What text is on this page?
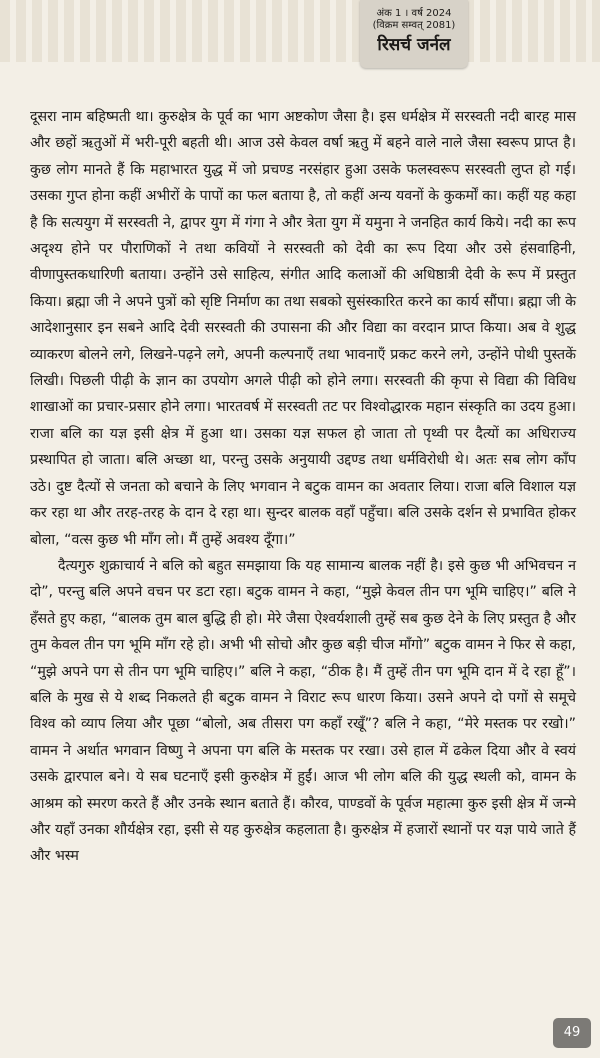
अंक 1 । वर्ष 2024
(विक्रम सम्वत् 2081)
रिसर्च जर्नल

दूसरा नाम बहिष्मती था। कुरुक्षेत्र के पूर्व का भाग अष्टकोण जैसा है। इस धर्मक्षेत्र में सरस्वती नदी बारह मास और छहों ऋतुओं में भरी-पूरी बहती थी। आज उसे केवल वर्षा ऋतु में बहने वाले नाले जैसा स्वरूप प्राप्त है। कुछ लोग मानते हैं कि महाभारत युद्ध में जो प्रचण्ड नरसंहार हुआ उसके फलस्वरूप सरस्वती लुप्त हो गई। उसका गुप्त होना कहीं अभीरों के पापों का फल बताया है, तो कहीं अन्य यवनों के कुकर्मों का। कहीं यह कहा है कि सत्ययुग में सरस्वती ने, द्वापर युग में गंगा ने और त्रेता युग में यमुना ने जनहित कार्य किये। नदी का रूप अदृश्य होने पर पौराणिकों ने तथा कवियों ने सरस्वती को देवी का रूप दिया और उसे हंसवाहिनी, वीणापुस्तकधारिणी बताया। उन्होंने उसे साहित्य, संगीत आदि कलाओं की अधिष्ठात्री देवी के रूप में प्रस्तुत किया। ब्रह्मा जी ने अपने पुत्रों को सृष्टि निर्माण का तथा सबको सुसंस्कारित करने का कार्य सौंपा। ब्रह्मा जी के आदेशानुसार इन सबने आदि देवी सरस्वती की उपासना की और विद्या का वरदान प्राप्त किया। अब वे शुद्ध व्याकरण बोलने लगे, लिखने-पढ़ने लगे, अपनी कल्पनाएँ तथा भावनाएँ प्रकट करने लगे, उन्होंने पोथी पुस्तकें लिखी। पिछली पीढ़ी के ज्ञान का उपयोग अगले पीढ़ी को होने लगा। सरस्वती की कृपा से विद्या की विविध शाखाओं का प्रचार-प्रसार होने लगा। भारतवर्ष में सरस्वती तट पर विश्वोद्धारक महान संस्कृति का उदय हुआ। राजा बलि का यज्ञ इसी क्षेत्र में हुआ था। उसका यज्ञ सफल हो जाता तो पृथ्वी पर दैत्यों का अधिराज्य प्रस्थापित हो जाता। बलि अच्छा था, परन्तु उसके अनुयायी उद्दण्ड तथा धर्मविरोधी थे। अतः सब लोग काँप उठे। दुष्ट दैत्यों से जनता को बचाने के लिए भगवान ने बटुक वामन का अवतार लिया। राजा बलि विशाल यज्ञ कर रहा था और तरह-तरह के दान दे रहा था। सुन्दर बालक वहाँ पहुँचा। बलि उसके दर्शन से प्रभावित होकर बोला, “वत्स कुछ भी माँग लो। मैं तुम्हें अवश्य दूँगा।”

दैत्यगुरु शुक्राचार्य ने बलि को बहुत समझाया कि यह सामान्य बालक नहीं है। इसे कुछ भी अभिवचन न दो”, परन्तु बलि अपने वचन पर डटा रहा। बटुक वामन ने कहा, “मुझे केवल तीन पग भूमि चाहिए।” बलि ने हँसते हुए कहा, “बालक तुम बाल बुद्धि ही हो। मेरे जैसा ऐश्वर्यशाली तुम्हें सब कुछ देने के लिए प्रस्तुत है और तुम केवल तीन पग भूमि माँग रहे हो। अभी भी सोचो और कुछ बड़ी चीज माँगो” बटुक वामन ने फिर से कहा, “मुझे अपने पग से तीन पग भूमि चाहिए।” बलि ने कहा, “ठीक है। मैं तुम्हें तीन पग भूमि दान में दे रहा हूँ”। बलि के मुख से ये शब्द निकलते ही बटुक वामन ने विराट रूप धारण किया। उसने अपने दो पगों से समूचे विश्व को व्याप लिया और पूछा “बोलो, अब तीसरा पग कहाँ रखूँ”? बलि ने कहा, “मेरे मस्तक पर रखो।” वामन ने अर्थात भगवान विष्णु ने अपना पग बलि के मस्तक पर रखा। उसे हाल में ढकेल दिया और वे स्वयं उसके द्वारपाल बने। ये सब घटनाएँ इसी कुरुक्षेत्र में हुईं। आज भी लोग बलि की युद्ध स्थली को, वामन के आश्रम को स्मरण करते हैं और उनके स्थान बताते हैं। कौरव, पाण्डवों के पूर्वज महात्मा कुरु इसी क्षेत्र में जन्मे और यहाँ उनका शौर्यक्षेत्र रहा, इसी से यह कुरुक्षेत्र कहलाता है। कुरुक्षेत्र में हजारों स्थानों पर यज्ञ पाये जाते हैं और भस्म

49
